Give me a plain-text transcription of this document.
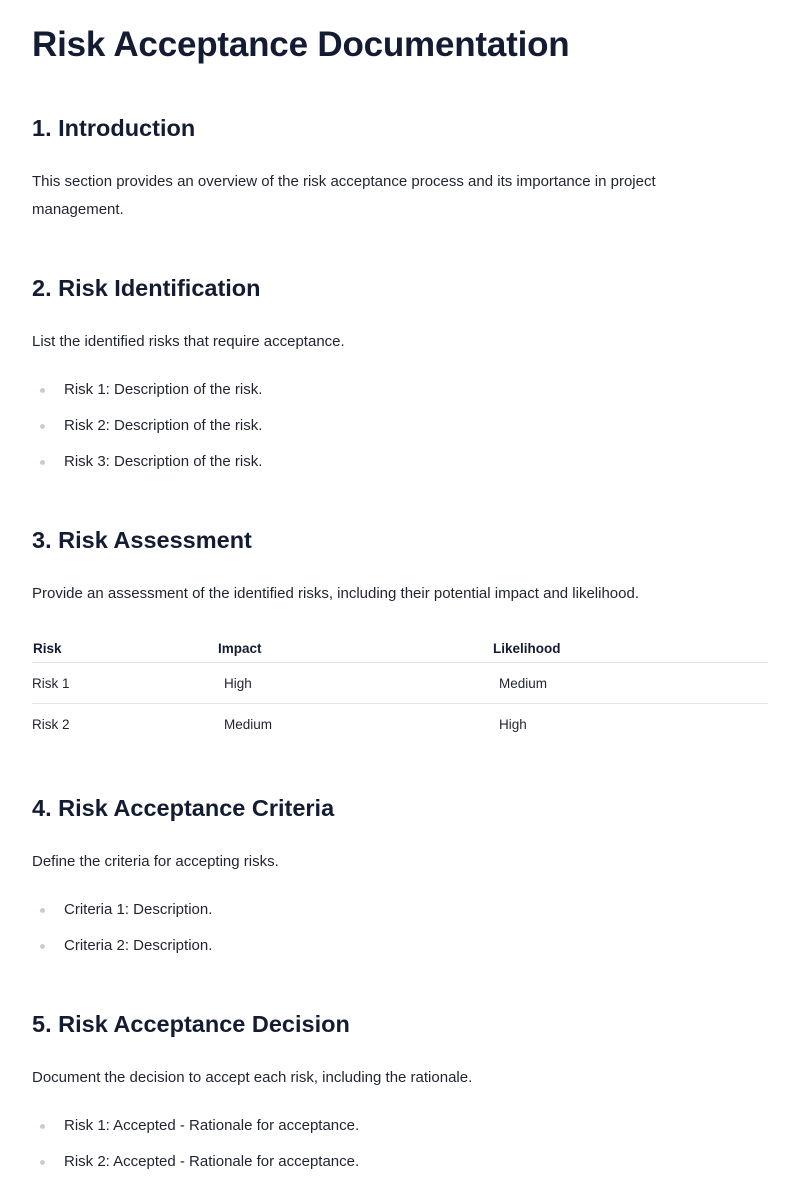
Risk Acceptance Documentation
1. Introduction

This section provides an overview of the risk acceptance process and its importance in project management.

2. Risk Identification

List the identified risks that require acceptance.

Risk 1: Description of the risk.
Risk 2: Description of the risk.
Risk 3: Description of the risk.
3. Risk Assessment

Provide an assessment of the identified risks, including their potential impact and likelihood.

Risk	Impact	Likelihood
Risk 1	High	Medium
Risk 2	Medium	High
4. Risk Acceptance Criteria

Define the criteria for accepting risks.

Criteria 1: Description.
Criteria 2: Description.
5. Risk Acceptance Decision

Document the decision to accept each risk, including the rationale.

Risk 1: Accepted - Rationale for acceptance.
Risk 2: Accepted - Rationale for acceptance.
